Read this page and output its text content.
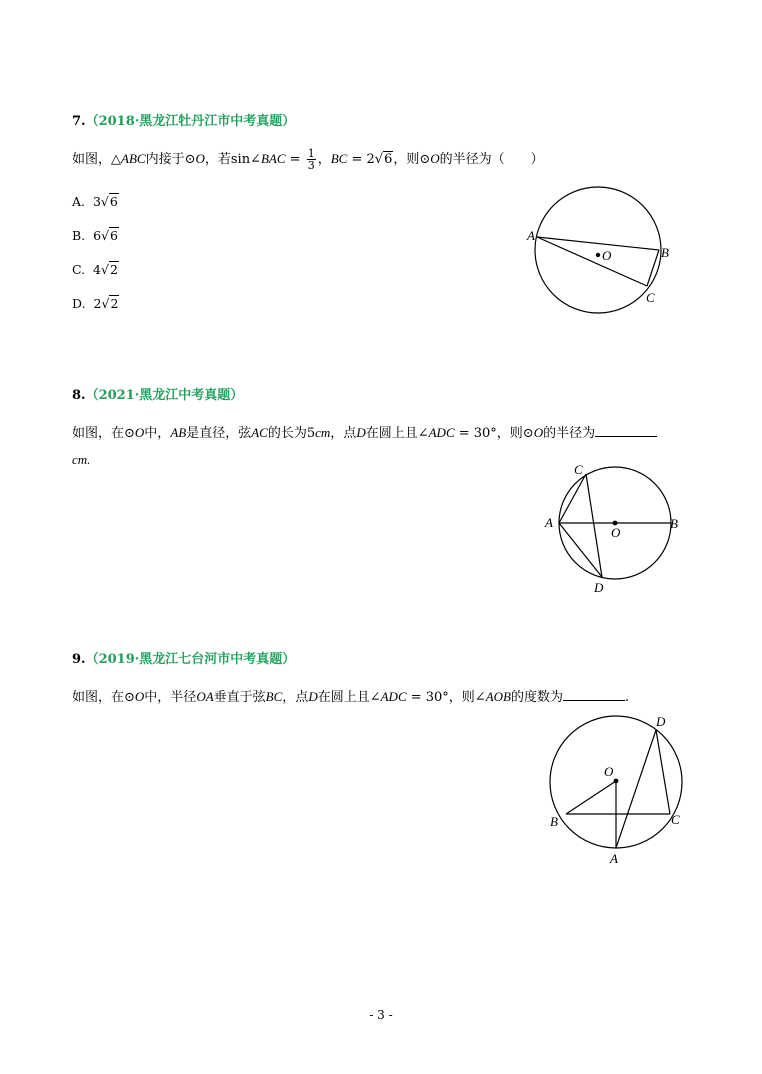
7.（2018·黑龙江牡丹江市中考真题）
如图，△ABC内接于⊙O，若sin∠BAC = $\frac{1}{3}$ ，BC = 2√6，则⊙O的半径为（　　）
A. 3√6
B. 6√6
C. 4√2
D. 2√2
A
B
C
O
8.（2021·黑龙江中考真题）
如图，在⊙O中，AB是直径，弦AC的长为5cm，点D在圆上且∠ADC = 30°，则⊙O的半径为
cm.
A	B
C
D
O
9.（2019·黑龙江七台河市中考真题）
如图，在⊙O中，半径OA垂直于弦BC，点D在圆上且∠ADC = 30°，则∠AOB的度数为	.
B	C
D
O
A
- 3 -
